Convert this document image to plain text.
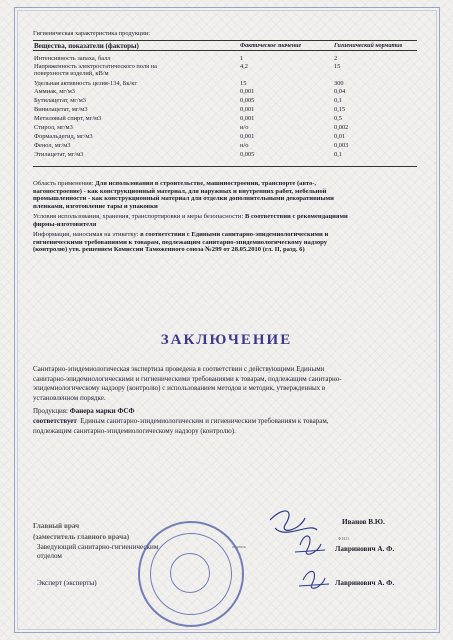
Гигиеническая характеристика продукции:
Вещества, показатели (факторы)	Фактическое значение	Гигиенический норматив
Интенсивность запаха, балл	1	2
Напряженность электростатического поля на	4,2	15
поверхности изделий, кВ/м
Удельная активность цезия-134, Бк/кг	15	300
Аммиак, мг/м3	0,001	0,04
Бутилацетат, мг/м3	0,005	0,1
Винилацетат, мг/м3	0,001	0,15
Метиловый спирт, мг/м3	0,001	0,5
Стирол, мг/м3	н/о	0,002
Формальдегид, мг/м3	0,001	0,01
Фенол, мг/м3	н/о	0,003
Этилацетат, мг/м3	0,005	0,1
Область применения: Для использования в строительстве, машиностроении, транспорте (авто-,
вагоностроение) - как конструкционный материал, для наружных и внутренних работ, мебельной
промышленности - как конструкционный материал для отделки дополнительными декоративными
пленками, изготовление тары и упаковки
Условия использования, хранения, транспортировки и меры безопасности: В соответствии с рекомендациями
фирмы-изготовителя
Информация, наносимая на этикетку: в соответствии с Едиными санитарно-эпидемиологическими и
гигиеническими требованиями к товарам, подлежащим санитарно-эпидемиологическому надзору
(контролю) утв. решением Комиссии Таможенного союза №299 от 28.05.2010 (гл. II, разд. 6)
ЗАКЛЮЧЕНИЕ
Санитарно-эпидемиологическая экспертиза проведена в соответствии с действующими Едиными
санитарно-эпидемиологическими и гигиеническими требованиями к товарам, подлежащим санитарно-
эпидемиологическому надзору (контролю) с использованием методов и методик, утвержденных в
установленном порядке.
Продукция: Фанера марки ФСФ
соответствует Единым санитарно-эпидемиологическим и гигиеническим требованиям к товарам,
подлежащим санитарно-эпидемиологическому надзору (контролю).
Главный врач
(заместитель главного врача)
Иванов В.Ю.
Заведующий санитарно-гигиеническим
отделом
подпись
Ф.И.О.
Лавринович А. Ф.
Эксперт (эксперты)	Лавринович А. Ф.
